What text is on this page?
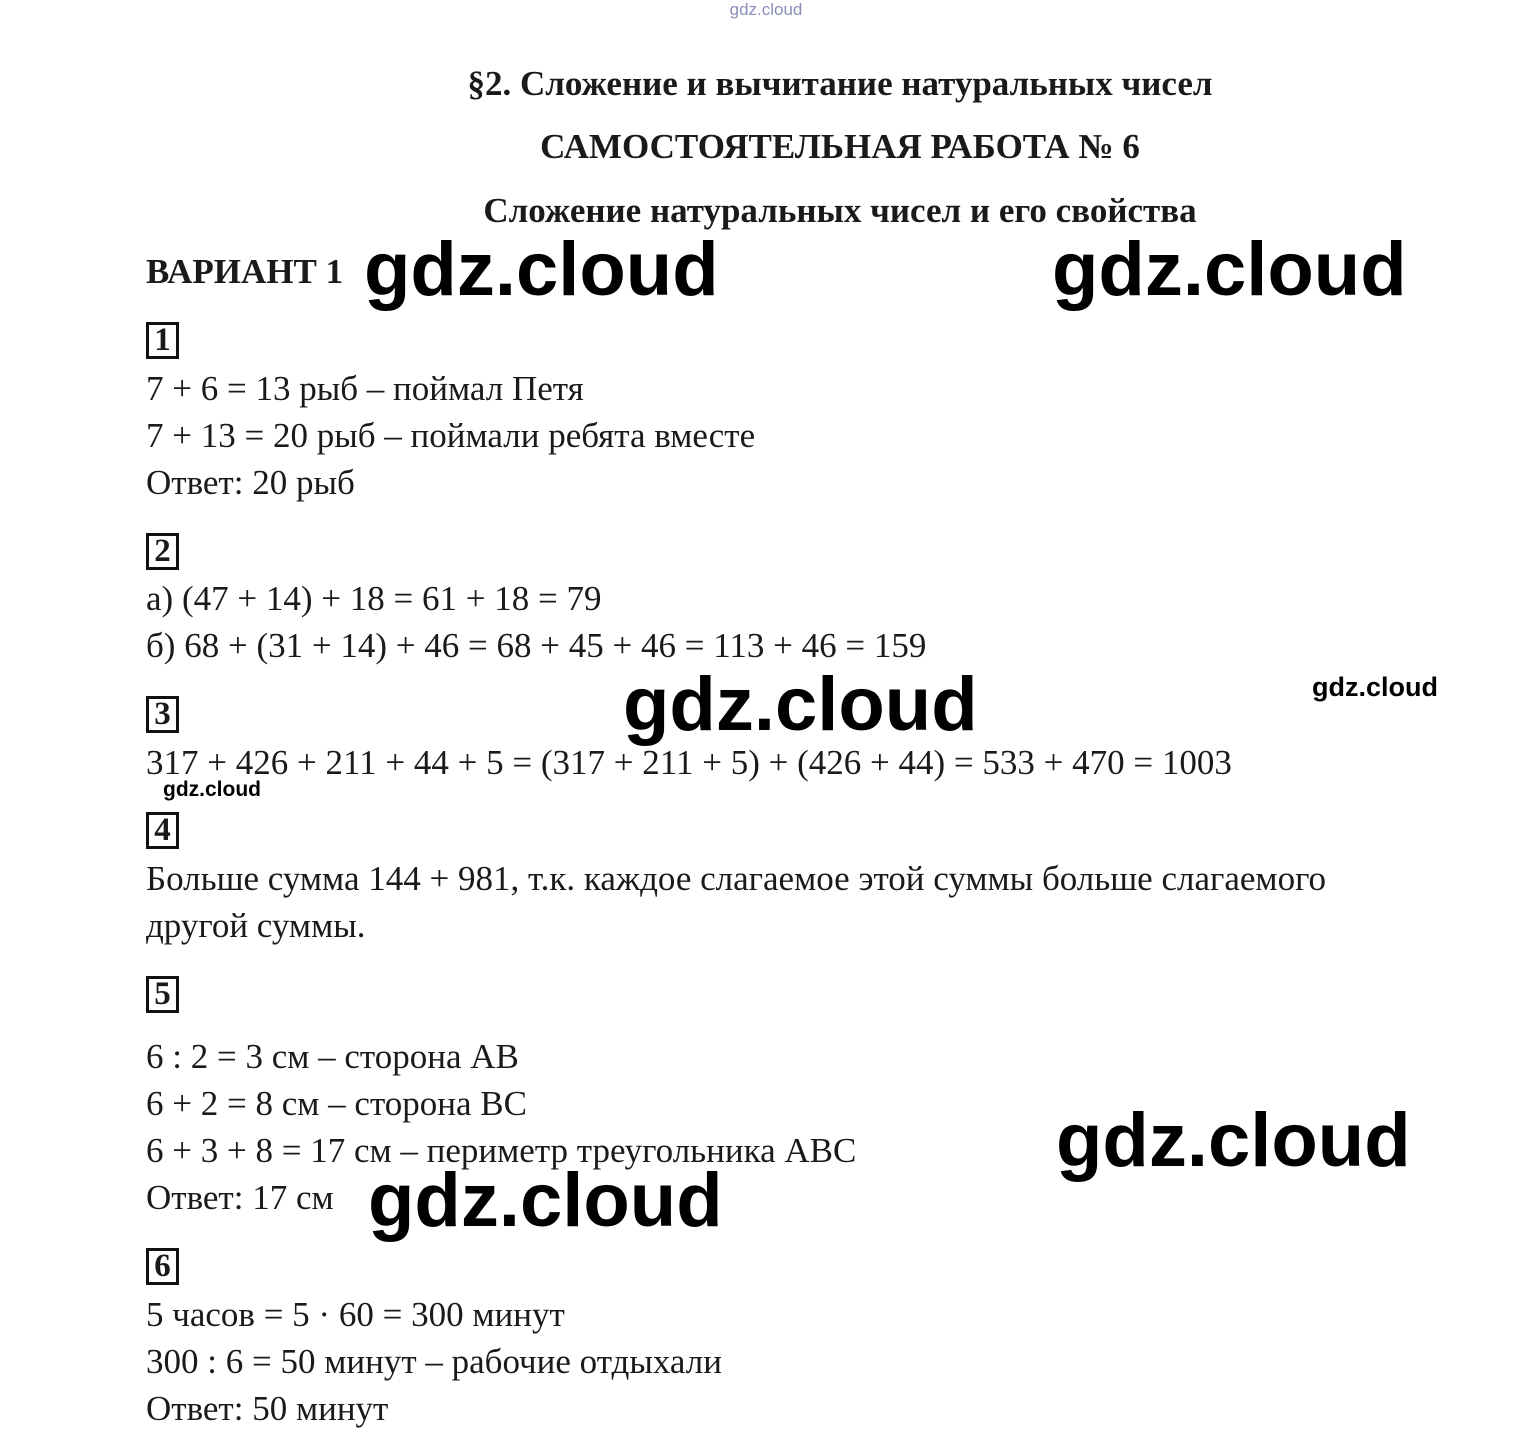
gdz.cloud
§2. Сложение и вычитание натуральных чисел
САМОСТОЯТЕЛЬНАЯ РАБОТА № 6
Сложение натуральных чисел и его свойства
ВАРИАНТ 1
1
7 + 6 = 13 рыб – поймал Петя
7 + 13 = 20 рыб – поймали ребята вместе
Ответ: 20 рыб
2
а) (47 + 14) + 18 = 61 + 18 = 79
б) 68 + (31 + 14) + 46 = 68 + 45 + 46 = 113 + 46 = 159
3
317 + 426 + 211 + 44 + 5 = (317 + 211 + 5) + (426 + 44) = 533 + 470 = 1003
4
Больше сумма 144 + 981, т.к. каждое слагаемое этой суммы больше слагаемого
другой суммы.
5
6 : 2 = 3 см – сторона AB
6 + 2 = 8 см – сторона BC
6 + 3 + 8 = 17 см – периметр треугольника ABC
Ответ: 17 см
6
5 часов = 5 · 60 = 300 минут
300 : 6 = 50 минут – рабочие отдыхали
Ответ: 50 минут
gdz.cloud	gdz.cloud
gdz.cloud	gdz.cloud
gdz.cloud
gdz.cloud
gdz.cloud
